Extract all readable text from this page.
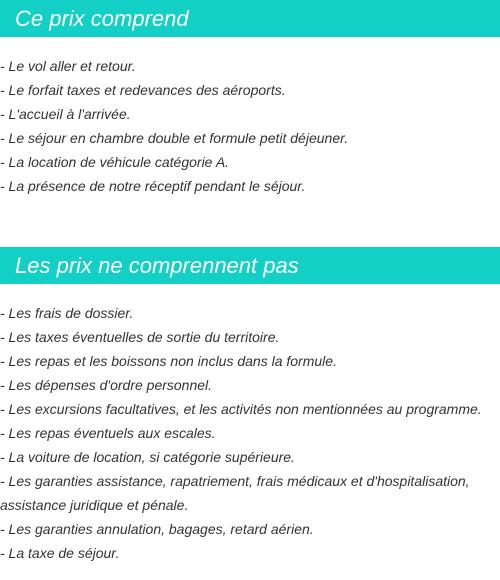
Ce prix comprend
- Le vol aller et retour.
- Le forfait taxes et redevances des aéroports.
- L'accueil à l'arrivée.
- Le séjour en chambre double et formule petit déjeuner.
- La location de véhicule catégorie A.
- La présence de notre réceptif pendant le séjour.
Les prix ne comprennent pas
- Les frais de dossier.
- Les taxes éventuelles de sortie du territoire.
- Les repas et les boissons non inclus dans la formule.
- Les dépenses d'ordre personnel.
- Les excursions facultatives, et les activités non mentionnées au programme.
- Les repas éventuels aux escales.
- La voiture de location, si catégorie supérieure.
- Les garanties assistance, rapatriement, frais médicaux et d'hospitalisation, assistance juridique et pénale.
- Les garanties annulation, bagages, retard aérien.
- La taxe de séjour.
